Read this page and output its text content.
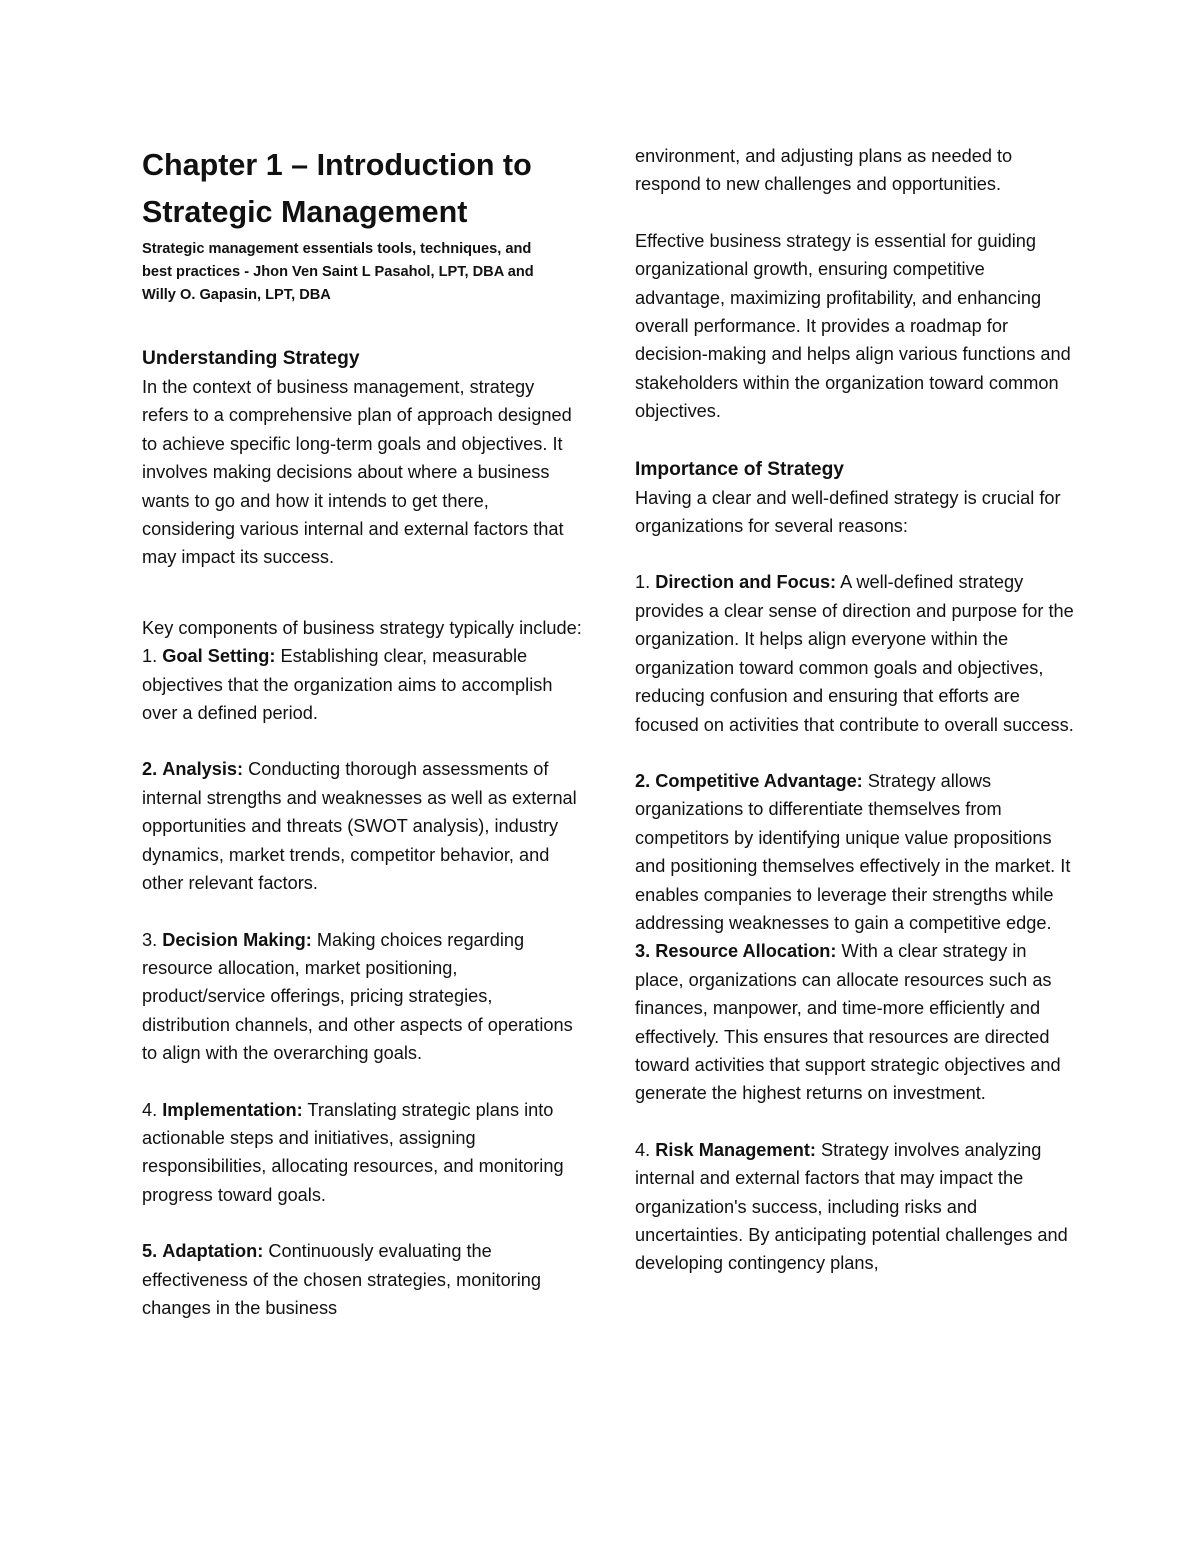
Chapter 1 – Introduction to Strategic Management

Strategic management essentials tools, techniques, and best practices - Jhon Ven Saint L Pasahol, LPT, DBA and Willy O. Gapasin, LPT, DBA

Understanding Strategy

In the context of business management, strategy refers to a comprehensive plan of approach designed to achieve specific long-term goals and objectives. It involves making decisions about where a business wants to go and how it intends to get there, considering various internal and external factors that may impact its success.

Key components of business strategy typically include:

1. Goal Setting: Establishing clear, measurable objectives that the organization aims to accomplish over a defined period.

2. Analysis: Conducting thorough assessments of internal strengths and weaknesses as well as external opportunities and threats (SWOT analysis), industry dynamics, market trends, competitor behavior, and other relevant factors.

3. Decision Making: Making choices regarding resource allocation, market positioning, product/service offerings, pricing strategies, distribution channels, and other aspects of operations to align with the overarching goals.

4. Implementation: Translating strategic plans into actionable steps and initiatives, assigning responsibilities, allocating resources, and monitoring progress toward goals.

5. Adaptation: Continuously evaluating the effectiveness of the chosen strategies, monitoring changes in the business

environment, and adjusting plans as needed to respond to new challenges and opportunities.

Effective business strategy is essential for guiding organizational growth, ensuring competitive advantage, maximizing profitability, and enhancing overall performance. It provides a roadmap for decision-making and helps align various functions and stakeholders within the organization toward common objectives.

Importance of Strategy

Having a clear and well-defined strategy is crucial for organizations for several reasons:

1. Direction and Focus: A well-defined strategy provides a clear sense of direction and purpose for the organization. It helps align everyone within the organization toward common goals and objectives, reducing confusion and ensuring that efforts are focused on activities that contribute to overall success.

2. Competitive Advantage: Strategy allows organizations to differentiate themselves from competitors by identifying unique value propositions and positioning themselves effectively in the market. It enables companies to leverage their strengths while addressing weaknesses to gain a competitive edge.

3. Resource Allocation: With a clear strategy in place, organizations can allocate resources such as finances, manpower, and time-more efficiently and effectively. This ensures that resources are directed toward activities that support strategic objectives and generate the highest returns on investment.

4. Risk Management: Strategy involves analyzing internal and external factors that may impact the organization's success, including risks and uncertainties. By anticipating potential challenges and developing contingency plans,
